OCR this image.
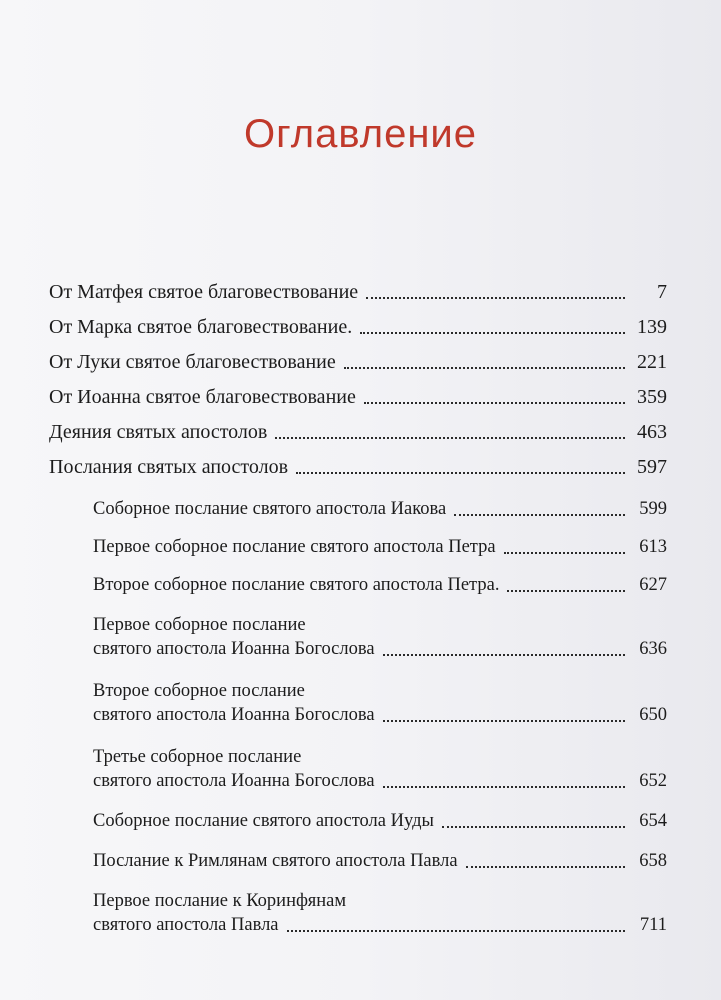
Оглавление
От Матфея святое благовествование	7
От Марка святое благовествование.	139
От Луки святое благовествование	221
От Иоанна святое благовествование	359
Деяния святых апостолов	463
Послания святых апостолов	597
Соборное послание святого апостола Иакова	599
Первое соборное послание святого апостола Петра	613
Второе соборное послание святого апостола Петра.	627
Первое соборное послание
святого апостола Иоанна Богослова	636
Второе соборное послание
святого апостола Иоанна Богослова	650
Третье соборное послание
святого апостола Иоанна Богослова	652
Соборное послание святого апостола Иуды	654
Послание к Римлянам святого апостола Павла	658
Первое послание к Коринфянам
святого апостола Павла	711
